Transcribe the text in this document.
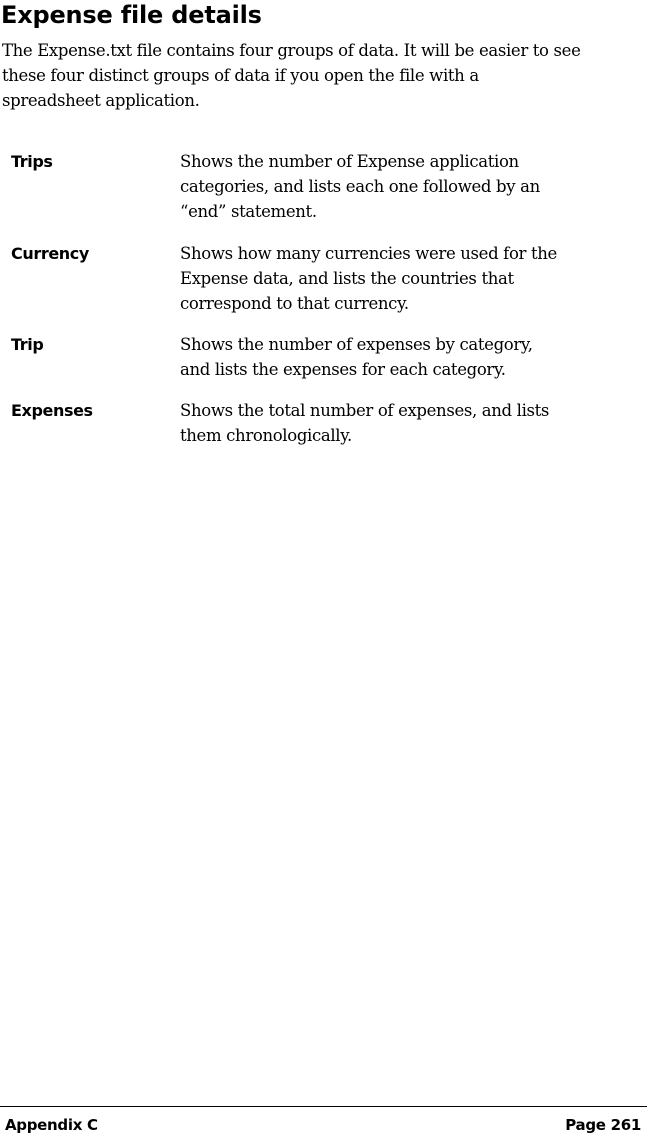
Expense file details

The Expense.txt file contains four groups of data. It will be easier to see
these four distinct groups of data if you open the file with a
spreadsheet application.

Trips	Shows the number of Expense application
categories, and lists each one followed by an
“end” statement.
Currency	Shows how many currencies were used for the
Expense data, and lists the countries that
correspond to that currency.
Trip	Shows the number of expenses by category,
and lists the expenses for each category.
Expenses	Shows the total number of expenses, and lists
them chronologically.
Appendix C	Page 261
